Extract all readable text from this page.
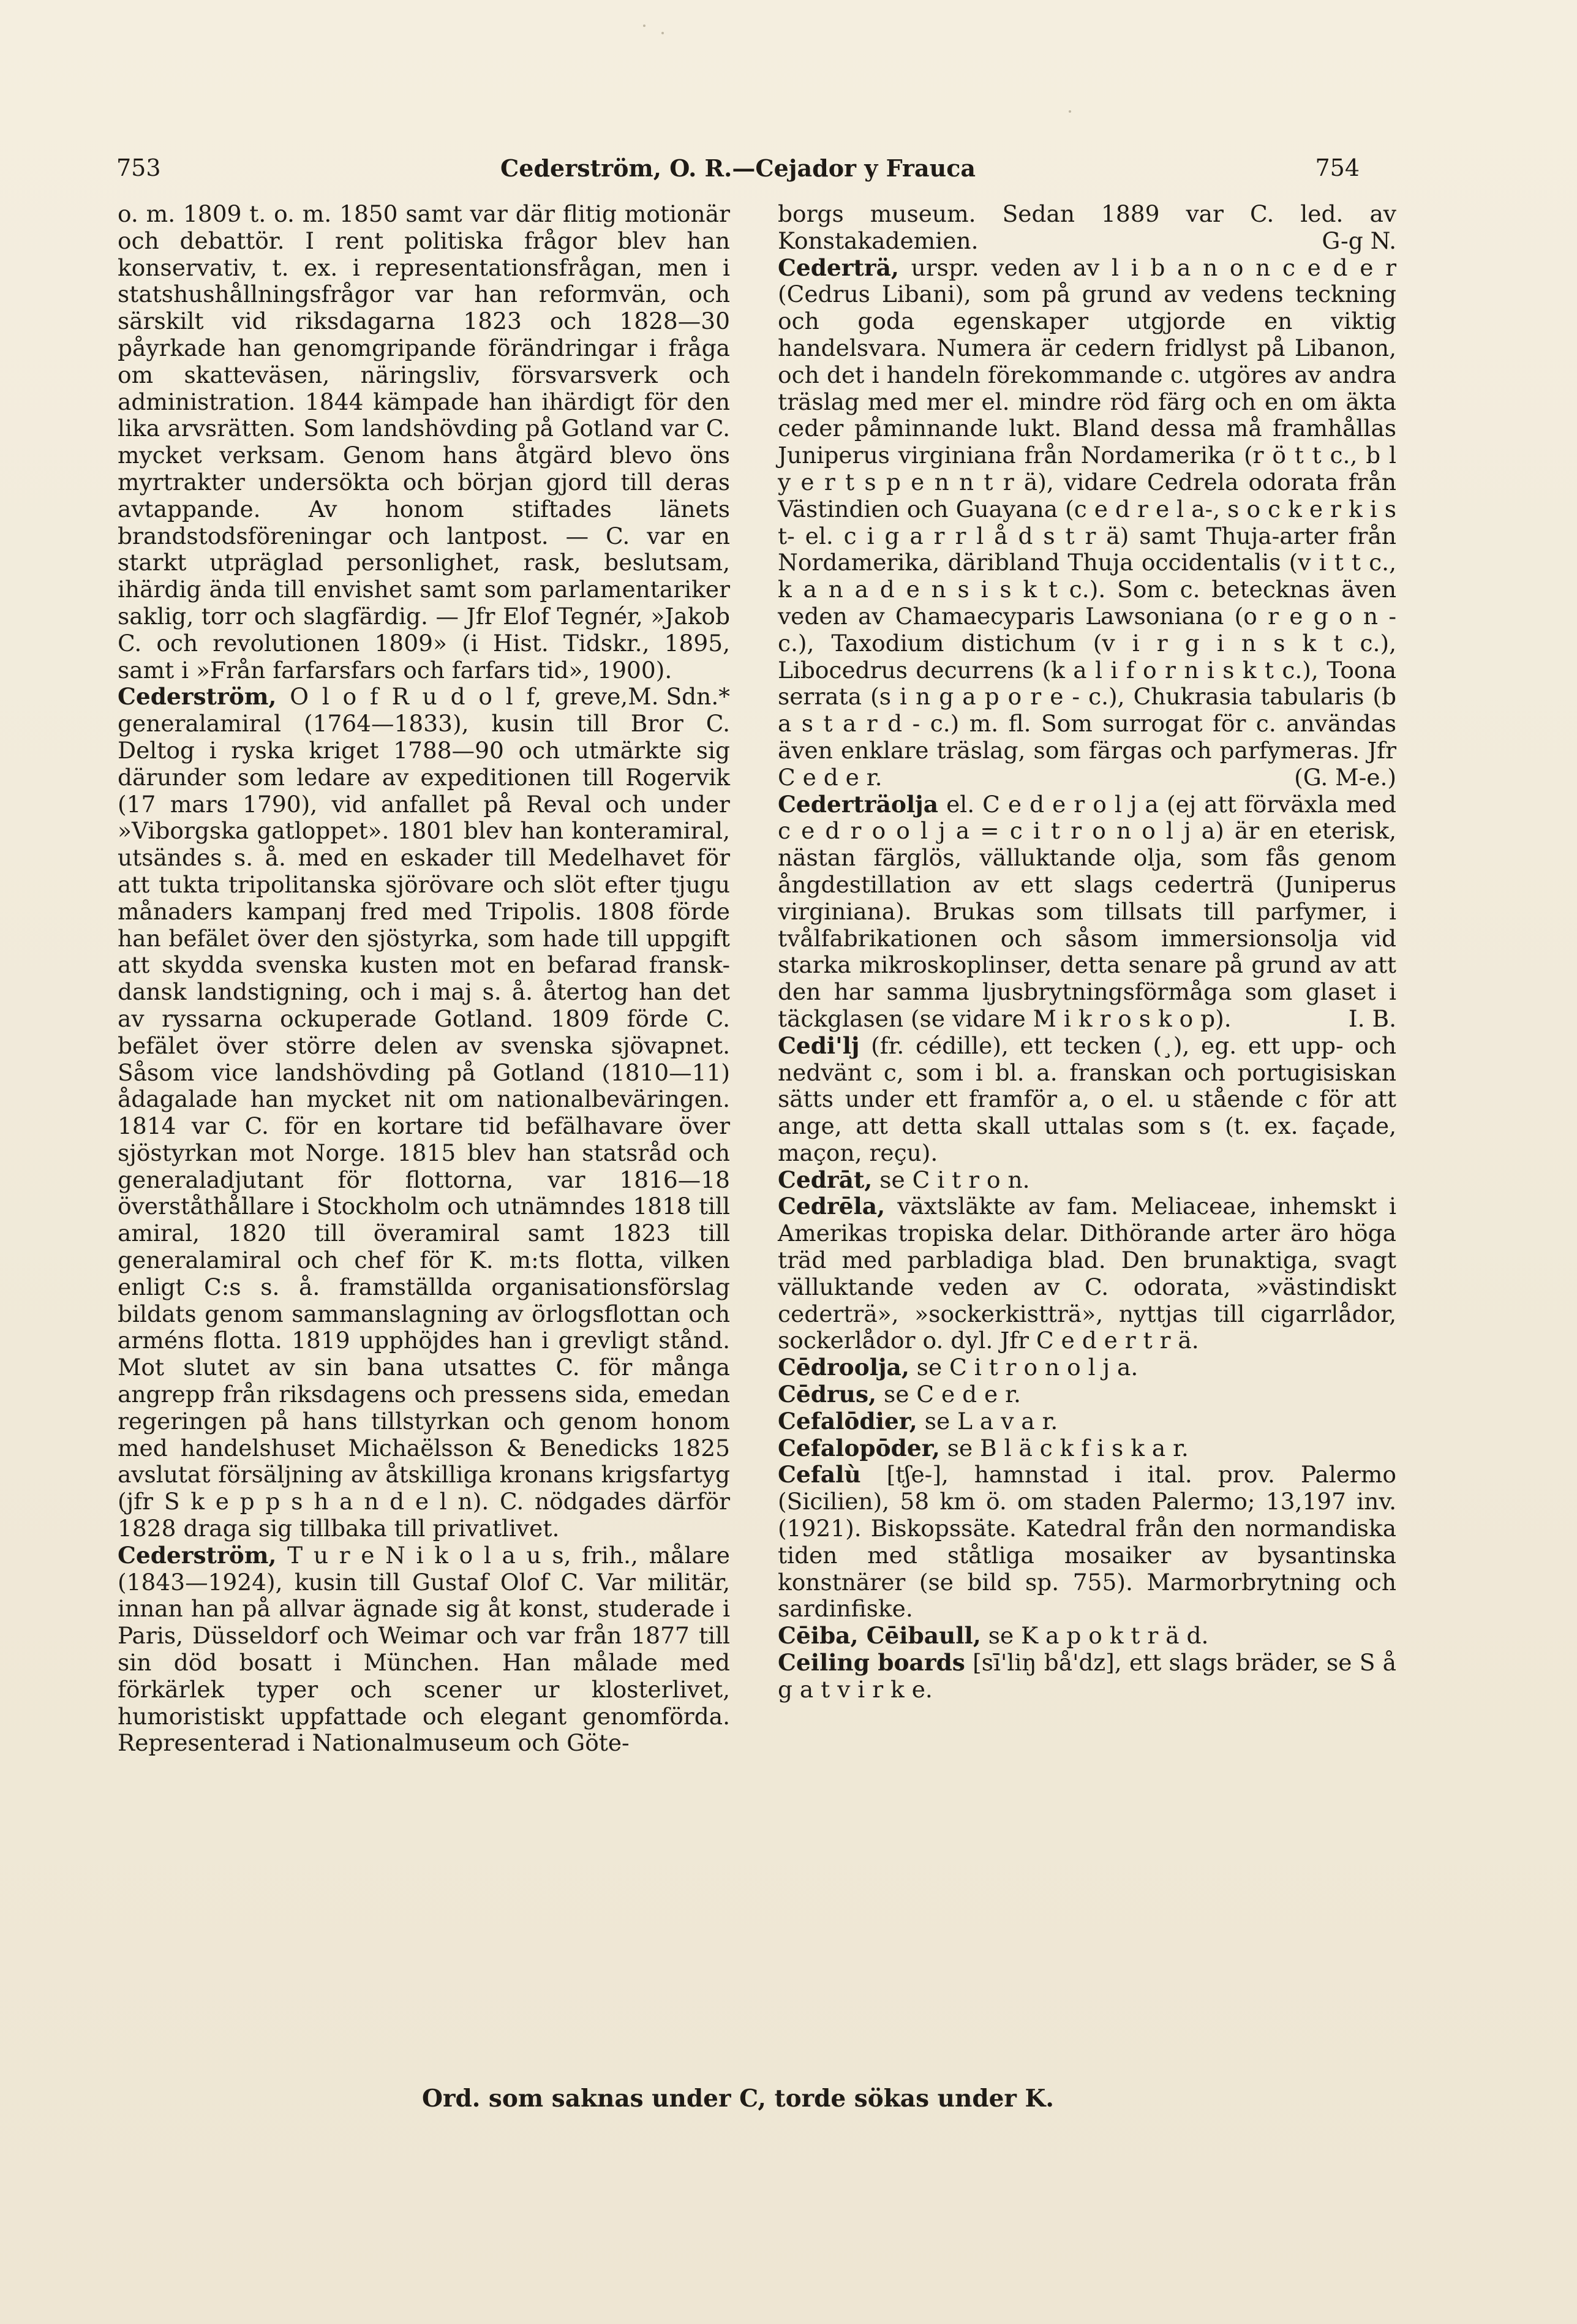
753	Cederström, O. R.—Cejador y Frauca	754

o. m. 1809 t. o. m. 1850 samt var där flitig motionär och debattör. I rent politiska frågor blev han konservativ, t. ex. i representationsfrågan, men i statshushållningsfrågor var han reformvän, och särskilt vid riksdagarna 1823 och 1828—30 påyrkade han genomgripande förändringar i fråga om skatteväsen, näringsliv, försvarsverk och administration. 1844 kämpade han ihärdigt för den lika arvsrätten. Som landshövding på Gotland var C. mycket verksam. Genom hans åtgärd blevo öns myrtrakter undersökta och början gjord till deras avtappande. Av honom stiftades länets brandstodsföreningar och lantpost. — C. var en starkt utpräglad personlighet, rask, beslutsam, ihärdig ända till envishet samt som parlamentariker saklig, torr och slagfärdig. — Jfr Elof Tegnér, »Jakob C. och revolutionen 1809» (i Hist. Tidskr., 1895, samt i »Från farfarsfars och farfars tid», 1900).
M. Sdn.*

Cederström, O l o f R u d o l f, greve, generalamiral (1764—1833), kusin till Bror C. Deltog i ryska kriget 1788—90 och utmärkte sig därunder som ledare av expeditionen till Rogervik (17 mars 1790), vid anfallet på Reval och under »Viborgska gatloppet». 1801 blev han konteramiral, utsändes s. å. med en eskader till Medelhavet för att tukta tripolitanska sjörövare och slöt efter tjugu månaders kampanj fred med Tripolis. 1808 förde han befälet över den sjöstyrka, som hade till uppgift att skydda svenska kusten mot en befarad fransk-dansk landstigning, och i maj s. å. återtog han det av ryssarna ockuperade Gotland. 1809 förde C. befälet över större delen av svenska sjövapnet. Såsom vice landshövding på Gotland (1810—11) ådagalade han mycket nit om nationalbeväringen. 1814 var C. för en kortare tid befälhavare över sjöstyrkan mot Norge. 1815 blev han statsråd och generaladjutant för flottorna, var 1816—18 överståthållare i Stockholm och utnämndes 1818 till amiral, 1820 till överamiral samt 1823 till generalamiral och chef för K. m:ts flotta, vilken enligt C:s s. å. framställda organisationsförslag bildats genom sammanslagning av örlogsflottan och arméns flotta. 1819 upphöjdes han i grevligt stånd. Mot slutet av sin bana utsattes C. för många angrepp från riksdagens och pressens sida, emedan regeringen på hans tillstyrkan och genom honom med handelshuset Michaëlsson & Benedicks 1825 avslutat försäljning av åtskilliga kronans krigsfartyg (jfr S k e p p s h a n d e l n). C. nödgades därför 1828 draga sig tillbaka till privatlivet.

Cederström, T u r e N i k o l a u s, frih., målare (1843—1924), kusin till Gustaf Olof C. Var militär, innan han på allvar ägnade sig åt konst, studerade i Paris, Düsseldorf och Weimar och var från 1877 till sin död bosatt i München. Han målade med förkärlek typer och scener ur klosterlivet, humoristiskt uppfattade och elegant genomförda. Representerad i Nationalmuseum och Göte-

borgs museum. Sedan 1889 var C. led. av Konstakademien.	G-g N.

Cederträ, urspr. veden av l i b a n o n c e d e r (Cedrus Libani), som på grund av vedens teckning och goda egenskaper utgjorde en viktig handelsvara. Numera är cedern fridlyst på Libanon, och det i handeln förekommande c. utgöres av andra träslag med mer el. mindre röd färg och en om äkta ceder påminnande lukt. Bland dessa må framhållas Juniperus virginiana från Nordamerika (r ö t t c., b l y e r t s p e n n t r ä), vidare Cedrela odorata från Västindien och Guayana (c e d r e l a-, s o c k e r k i s t- el. c i g a r r l å d s t r ä) samt Thuja-arter från Nordamerika, däribland Thuja occidentalis (v i t t c., k a n a d e n s i s k t c.). Som c. betecknas även veden av Chamaecyparis Lawsoniana (o r e g o n - c.), Taxodium distichum (v i r g i n s k t c.), Libocedrus decurrens (k a l i f o r n i s k t c.), Toona serrata (s i n g a p o r e - c.), Chukrasia tabularis (b a s t a r d - c.) m. fl. Som surrogat för c. användas även enklare träslag, som färgas och parfymeras. Jfr C e d e r.	(G. M-e.)

Cederträolja el. C e d e r o l j a (ej att förväxla med c e d r o o l j a = c i t r o n o l j a) är en eterisk, nästan färglös, välluktande olja, som fås genom ångdestillation av ett slags cederträ (Juniperus virginiana). Brukas som tillsats till parfymer, i tvålfabrikationen och såsom immersionsolja vid starka mikroskoplinser, detta senare på grund av att den har samma ljusbrytningsförmåga som glaset i täckglasen (se vidare M i k r o s k o p).	I. B.

Cedi'lj (fr. cédille), ett tecken (¸), eg. ett upp- och nedvänt c, som i bl. a. franskan och portugisiskan sätts under ett framför a, o el. u stående c för att ange, att detta skall uttalas som s (t. ex. façade, maçon, reçu).

Cedrāt, se C i t r o n.

Cedrēla, växtsläkte av fam. Meliaceae, inhemskt i Amerikas tropiska delar. Dithörande arter äro höga träd med parbladiga blad. Den brunaktiga, svagt välluktande veden av C. odorata, »västindiskt cederträ», »sockerkistträ», nyttjas till cigarrlådor, sockerlådor o. dyl. Jfr C e d e r t r ä.

Cēdroolja, se C i t r o n o l j a.

Cēdrus, se C e d e r.

Cefalōdier, se L a v a r.

Cefalopōder, se B l ä c k f i s k a r.

Cefalù [tʃe-], hamnstad i ital. prov. Palermo (Sicilien), 58 km ö. om staden Palermo; 13,197 inv. (1921). Biskopssäte. Katedral från den normandiska tiden med ståtliga mosaiker av bysantinska konstnärer (se bild sp. 755). Marmorbrytning och sardinfiske.

Cēiba, Cēibaull, se K a p o k t r ä d.

Ceiling boards [sī'liŋ bå'dz], ett slags bräder, se S å g a t v i r k e.

Ord. som saknas under C, torde sökas under K.
